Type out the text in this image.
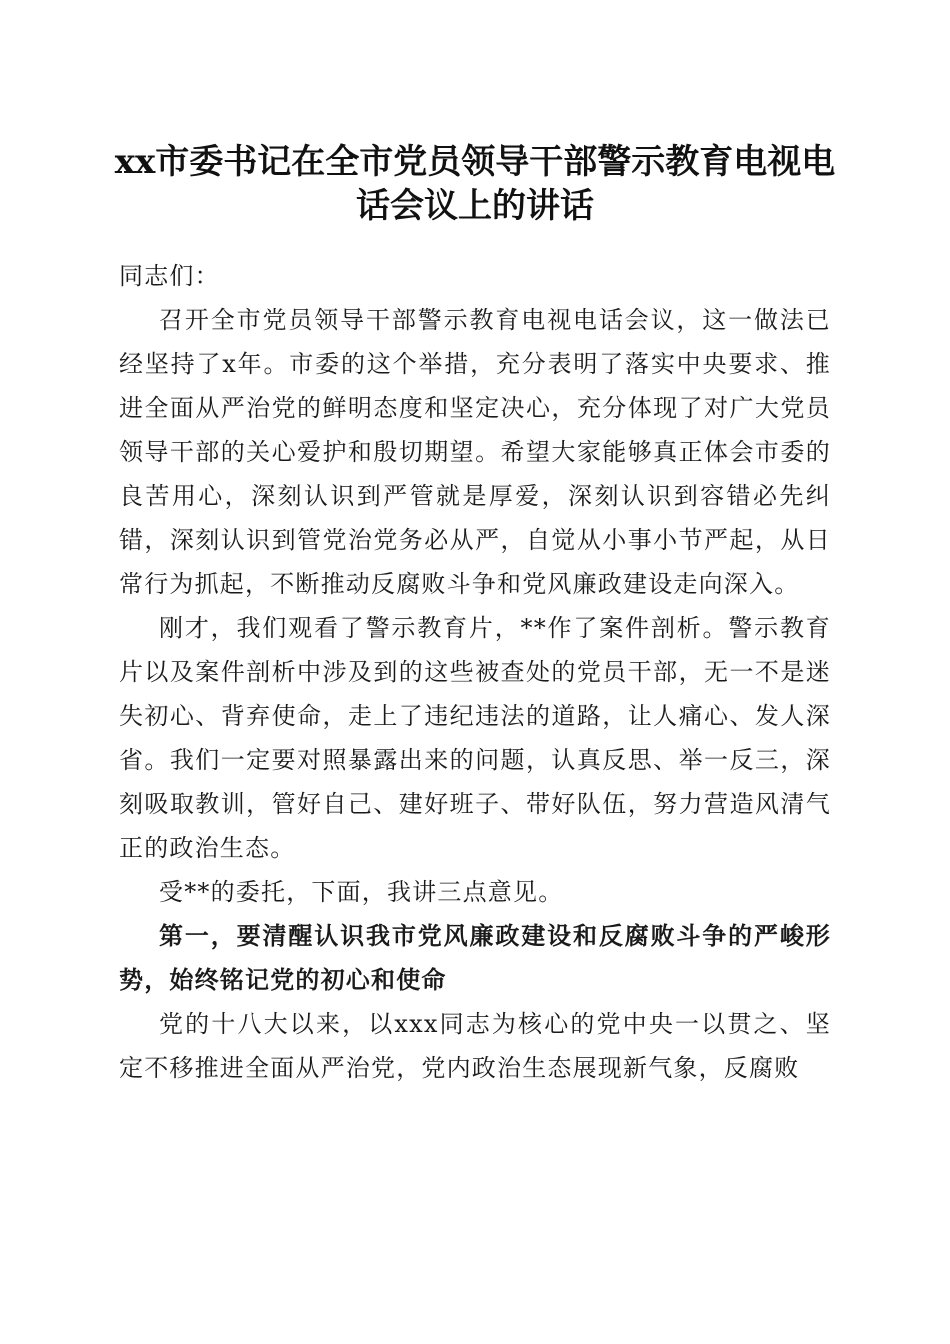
xx市委书记在全市党员领导干部警示教育电视电话会议上的讲话

同志们：

召开全市党员领导干部警示教育电视电话会议，这一做法已经坚持了x年。市委的这个举措，充分表明了落实中央要求、推进全面从严治党的鲜明态度和坚定决心，充分体现了对广大党员领导干部的关心爱护和殷切期望。希望大家能够真正体会市委的良苦用心，深刻认识到严管就是厚爱，深刻认识到容错必先纠错，深刻认识到管党治党务必从严，自觉从小事小节严起，从日常行为抓起，不断推动反腐败斗争和党风廉政建设走向深入。

刚才，我们观看了警示教育片，**作了案件剖析。警示教育片以及案件剖析中涉及到的这些被查处的党员干部，无一不是迷失初心、背弃使命，走上了违纪违法的道路，让人痛心、发人深省。我们一定要对照暴露出来的问题，认真反思、举一反三，深刻吸取教训，管好自己、建好班子、带好队伍，努力营造风清气正的政治生态。

受**的委托，下面，我讲三点意见。

第一，要清醒认识我市党风廉政建设和反腐败斗争的严峻形势，始终铭记党的初心和使命

党的十八大以来，以xxx同志为核心的党中央一以贯之、坚定不移推进全面从严治党，党内政治生态展现新气象，反腐败
